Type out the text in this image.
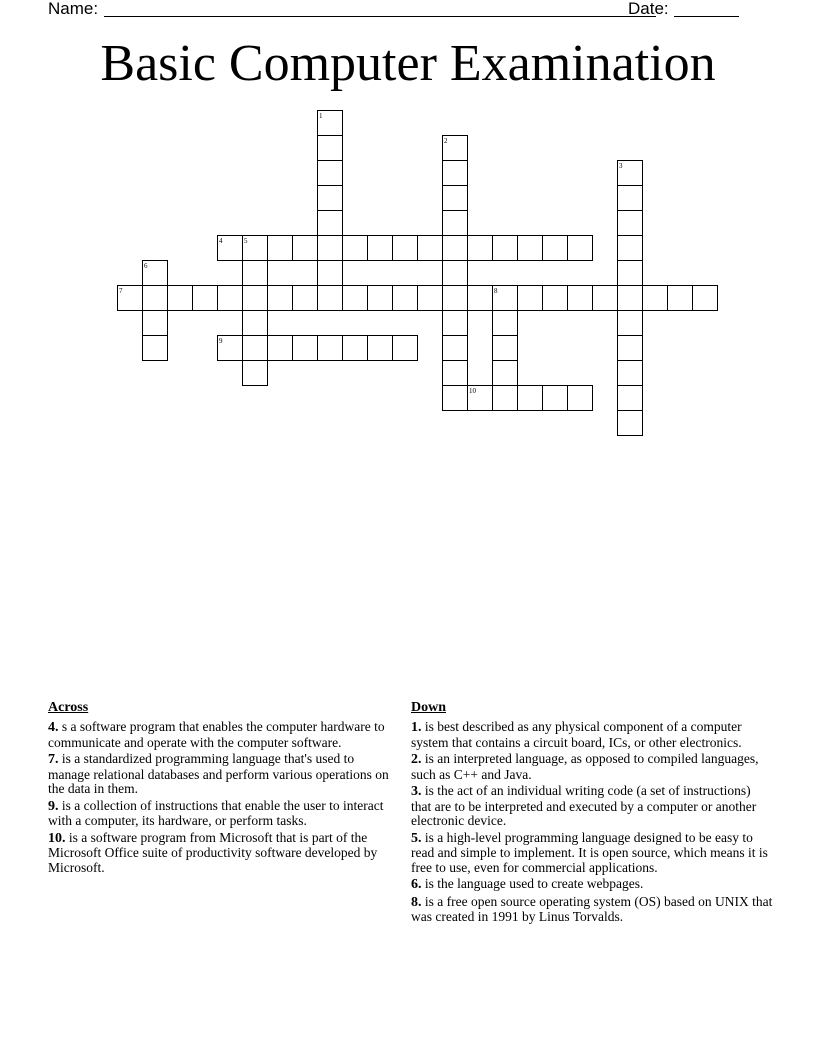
Name:	Date:
Basic Computer Examination
1
2
3
4	5
6
7	8
9
10
Across
4. s a software program that enables the computer hardware to communicate and operate with the computer software.
7. is a standardized programming language that's used to manage relational databases and perform various operations on the data in them.
9. is a collection of instructions that enable the user to interact with a computer, its hardware, or perform tasks.
10. is a software program from Microsoft that is part of the Microsoft Office suite of productivity software developed by Microsoft.
Down
1. is best described as any physical component of a computer system that contains a circuit board, ICs, or other electronics.
2. is an interpreted language, as opposed to compiled languages, such as C++ and Java.
3. is the act of an individual writing code (a set of instructions) that are to be interpreted and executed by a computer or another electronic device.
5. is a high-level programming language designed to be easy to read and simple to implement. It is open source, which means it is free to use, even for commercial applications.
6. is the language used to create webpages.
8. is a free open source operating system (OS) based on UNIX that was created in 1991 by Linus Torvalds.
